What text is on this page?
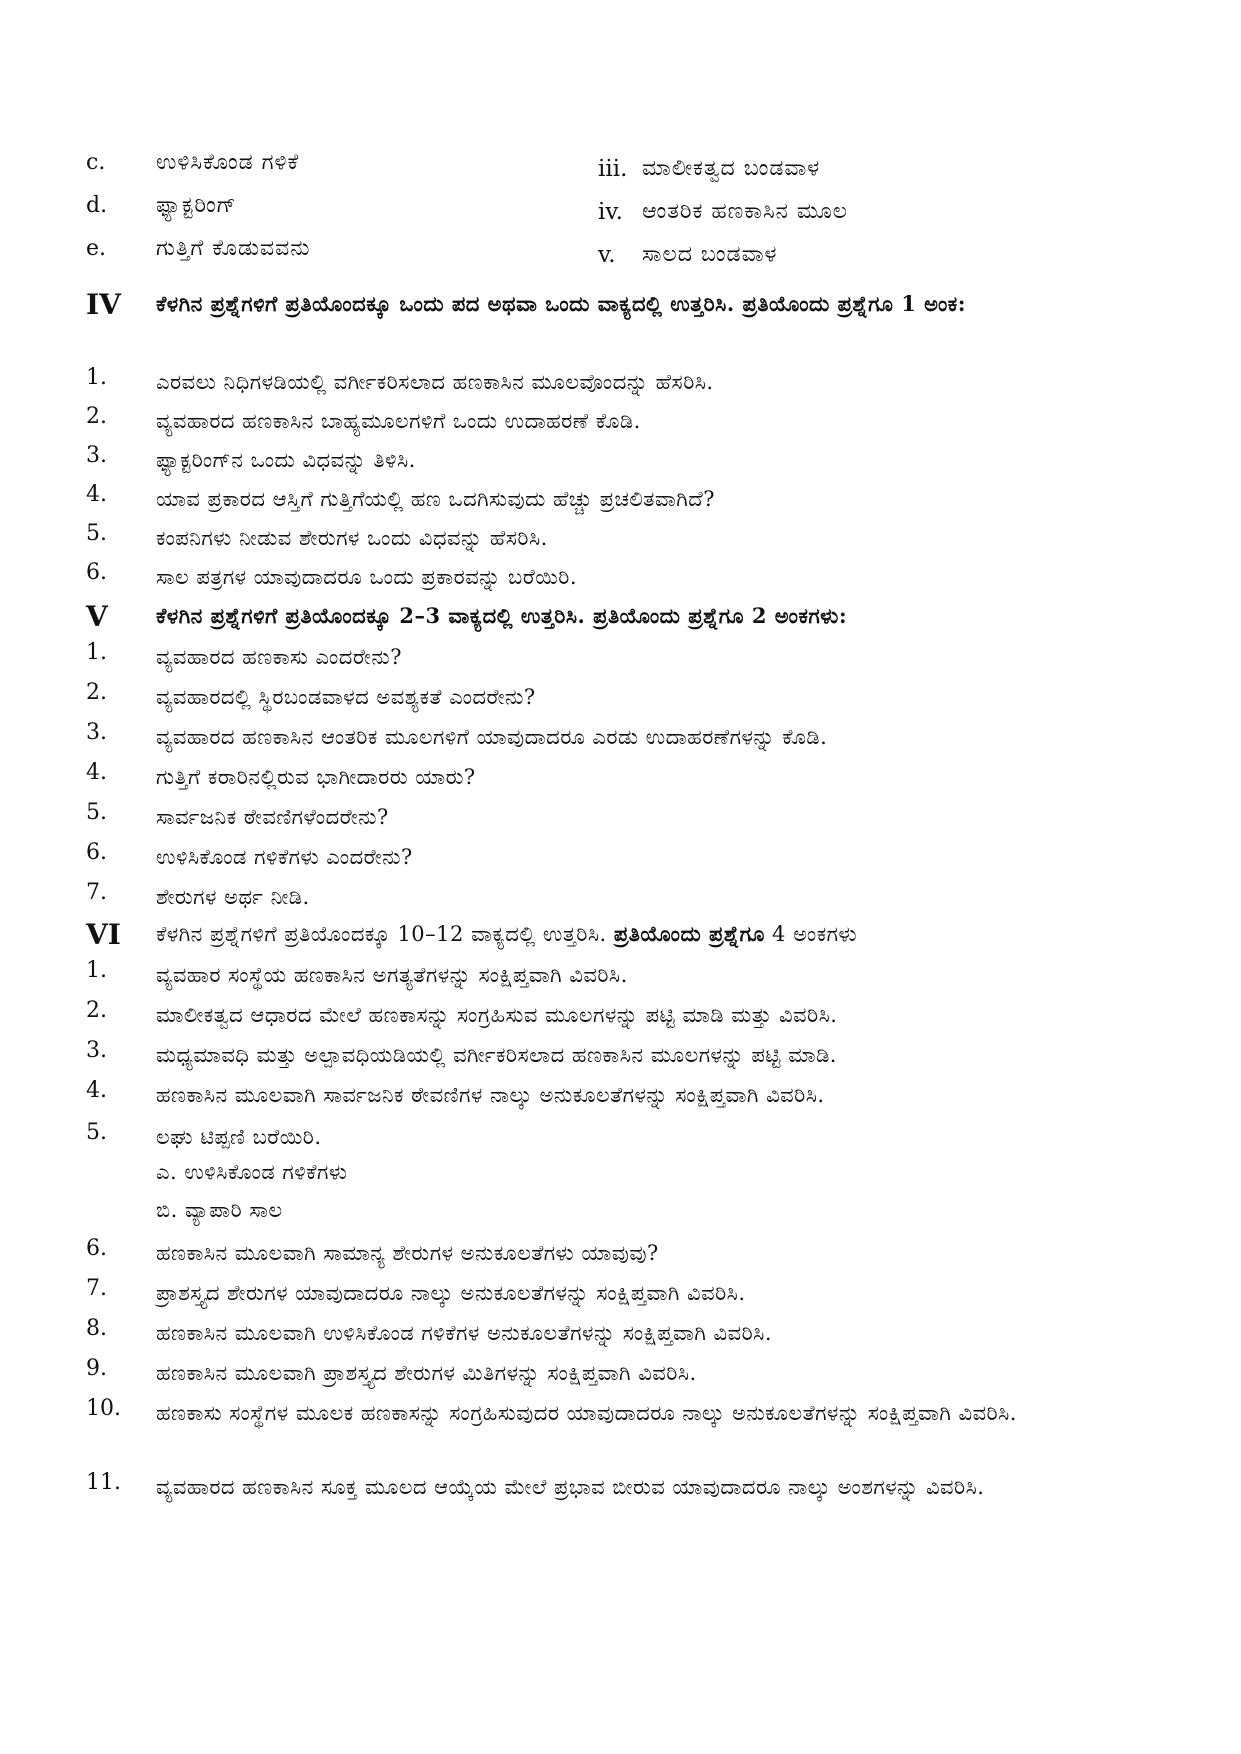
c. ಉಳಿಸಿಕೊಂಡ ಗಳಿಕೆ	iii. ಮಾಲೀಕತ್ವದ ಬಂಡವಾಳ
d. ಫ್ಯಾಕ್ಟರಿಂಗ್	iv. ಆಂತರಿಕ ಹಣಕಾಸಿನ ಮೂಲ
e. ಗುತ್ತಿಗೆ ಕೊಡುವವನು	v. ಸಾಲದ ಬಂಡವಾಳ
IV ಕೆಳಗಿನ ಪ್ರಶ್ನೆಗಳಿಗೆ ಪ್ರತಿಯೊಂದಕ್ಕೂ ಒಂದು ಪದ ಅಥವಾ ಒಂದು ವಾಕ್ಯದಲ್ಲಿ ಉತ್ತರಿಸಿ. ಪ್ರತಿಯೊಂದು ಪ್ರಶ್ನೆಗೂ 1 ಅಂಕ:
1. ಎರವಲು ನಿಧಿಗಳಡಿಯಲ್ಲಿ ವರ್ಗೀಕರಿಸಲಾದ ಹಣಕಾಸಿನ ಮೂಲವೊಂದನ್ನು ಹೆಸರಿಸಿ.
2. ವ್ಯವಹಾರದ ಹಣಕಾಸಿನ ಬಾಹ್ಯಮೂಲಗಳಿಗೆ ಒಂದು ಉದಾಹರಣೆ ಕೊಡಿ.
3. ಫ್ಯಾಕ್ಟರಿಂಗ್‌ನ ಒಂದು ವಿಧವನ್ನು ತಿಳಿಸಿ.
4. ಯಾವ ಪ್ರಕಾರದ ಆಸ್ತಿಗೆ ಗುತ್ತಿಗೆಯಲ್ಲಿ ಹಣ ಒದಗಿಸುವುದು ಹೆಚ್ಚು ಪ್ರಚಲಿತವಾಗಿದೆ?
5. ಕಂಪನಿಗಳು ನೀಡುವ ಶೇರುಗಳ ಒಂದು ವಿಧವನ್ನು ಹೆಸರಿಸಿ.
6. ಸಾಲ ಪತ್ರಗಳ ಯಾವುದಾದರೂ ಒಂದು ಪ್ರಕಾರವನ್ನು ಬರೆಯಿರಿ.
V ಕೆಳಗಿನ ಪ್ರಶ್ನೆಗಳಿಗೆ ಪ್ರತಿಯೊಂದಕ್ಕೂ 2–3 ವಾಕ್ಯದಲ್ಲಿ ಉತ್ತರಿಸಿ. ಪ್ರತಿಯೊಂದು ಪ್ರಶ್ನೆಗೂ 2 ಅಂಕಗಳು:
1. ವ್ಯವಹಾರದ ಹಣಕಾಸು ಎಂದರೇನು?
2. ವ್ಯವಹಾರದಲ್ಲಿ ಸ್ಥಿರಬಂಡವಾಳದ ಅವಶ್ಯಕತೆ ಎಂದರೇನು?
3. ವ್ಯವಹಾರದ ಹಣಕಾಸಿನ ಆಂತರಿಕ ಮೂಲಗಳಿಗೆ ಯಾವುದಾದರೂ ಎರಡು ಉದಾಹರಣೆಗಳನ್ನು ಕೊಡಿ.
4. ಗುತ್ತಿಗೆ ಕರಾರಿನಲ್ಲಿರುವ ಭಾಗೀದಾರರು ಯಾರು?
5. ಸಾರ್ವಜನಿಕ ಠೇವಣಿಗಳೆಂದರೇನು?
6. ಉಳಿಸಿಕೊಂಡ ಗಳಿಕೆಗಳು ಎಂದರೇನು?
7. ಶೇರುಗಳ ಅರ್ಥ ನೀಡಿ.
VI ಕೆಳಗಿನ ಪ್ರಶ್ನೆಗಳಿಗೆ ಪ್ರತಿಯೊಂದಕ್ಕೂ 10–12 ವಾಕ್ಯದಲ್ಲಿ ಉತ್ತರಿಸಿ. ಪ್ರತಿಯೊಂದು ಪ್ರಶ್ನೆಗೂ 4 ಅಂಕಗಳು
1. ವ್ಯವಹಾರ ಸಂಸ್ಥೆಯ ಹಣಕಾಸಿನ ಅಗತ್ಯತೆಗಳನ್ನು ಸಂಕ್ಷಿಪ್ತವಾಗಿ ವಿವರಿಸಿ.
2. ಮಾಲೀಕತ್ವದ ಆಧಾರದ ಮೇಲೆ ಹಣಕಾಸನ್ನು ಸಂಗ್ರಹಿಸುವ ಮೂಲಗಳನ್ನು ಪಟ್ಟಿ ಮಾಡಿ ಮತ್ತು ವಿವರಿಸಿ.
3. ಮಧ್ಯಮಾವಧಿ ಮತ್ತು ಅಲ್ಪಾವಧಿಯಡಿಯಲ್ಲಿ ವರ್ಗೀಕರಿಸಲಾದ ಹಣಕಾಸಿನ ಮೂಲಗಳನ್ನು ಪಟ್ಟಿ ಮಾಡಿ.
4. ಹಣಕಾಸಿನ ಮೂಲವಾಗಿ ಸಾರ್ವಜನಿಕ ಠೇವಣಿಗಳ ನಾಲ್ಕು ಅನುಕೂಲತೆಗಳನ್ನು ಸಂಕ್ಷಿಪ್ತವಾಗಿ ವಿವರಿಸಿ.
5. ಲಘು ಟಿಪ್ಪಣಿ ಬರೆಯಿರಿ.
ಎ. ಉಳಿಸಿಕೊಂಡ ಗಳಿಕೆಗಳು
ಬಿ. ವ್ಯಾಪಾರಿ ಸಾಲ
6. ಹಣಕಾಸಿನ ಮೂಲವಾಗಿ ಸಾಮಾನ್ಯ ಶೇರುಗಳ ಅನುಕೂಲತೆಗಳು ಯಾವುವು?
7. ಪ್ರಾಶಸ್ತ್ಯದ ಶೇರುಗಳ ಯಾವುದಾದರೂ ನಾಲ್ಕು ಅನುಕೂಲತೆಗಳನ್ನು ಸಂಕ್ಷಿಪ್ತವಾಗಿ ವಿವರಿಸಿ.
8. ಹಣಕಾಸಿನ ಮೂಲವಾಗಿ ಉಳಿಸಿಕೊಂಡ ಗಳಿಕೆಗಳ ಅನುಕೂಲತೆಗಳನ್ನು ಸಂಕ್ಷಿಪ್ತವಾಗಿ ವಿವರಿಸಿ.
9. ಹಣಕಾಸಿನ ಮೂಲವಾಗಿ ಪ್ರಾಶಸ್ತ್ಯದ ಶೇರುಗಳ ಮಿತಿಗಳನ್ನು ಸಂಕ್ಷಿಪ್ತವಾಗಿ ವಿವರಿಸಿ.
10. ಹಣಕಾಸು ಸಂಸ್ಥೆಗಳ ಮೂಲಕ ಹಣಕಾಸನ್ನು ಸಂಗ್ರಹಿಸುವುದರ ಯಾವುದಾದರೂ ನಾಲ್ಕು ಅನುಕೂಲತೆಗಳನ್ನು ಸಂಕ್ಷಿಪ್ತವಾಗಿ ವಿವರಿಸಿ.
11. ವ್ಯವಹಾರದ ಹಣಕಾಸಿನ ಸೂಕ್ತ ಮೂಲದ ಆಯ್ಕೆಯ ಮೇಲೆ ಪ್ರಭಾವ ಬೀರುವ ಯಾವುದಾದರೂ ನಾಲ್ಕು ಅಂಶಗಳನ್ನು ವಿವರಿಸಿ.
